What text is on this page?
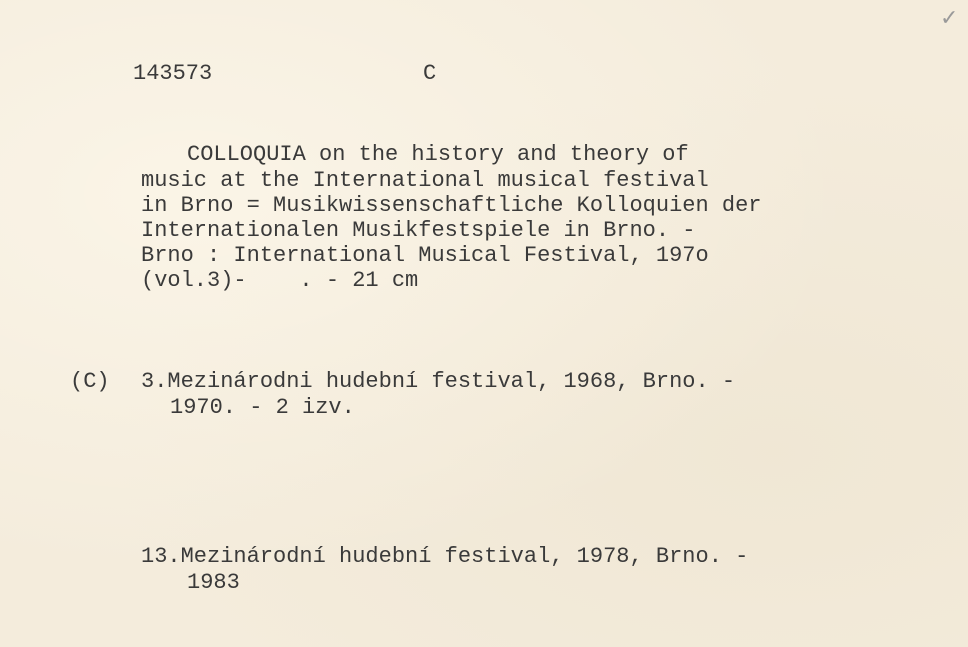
✓
143573	C
COLLOQUIA on the history and theory of
music at the International musical festival
in Brno = Musikwissenschaftliche Kolloquien der
Internationalen Musikfestspiele in Brno. -
Brno : International Musical Festival, 197o
(vol.3)-    . - 21 cm
(C) 3.Mezinárodni hudební festival, 1968, Brno. -
1970. - 2 izv.
13.Mezinárodní hudební festival, 1978, Brno. -
1983
